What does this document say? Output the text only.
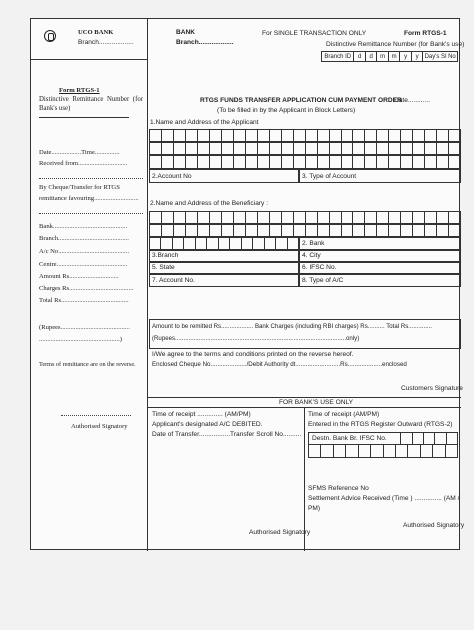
UCO BANK
Branch...................
BANK
Branch...................
For SINGLE TRANSACTION ONLY	Form RTGS-1
Distinctive Remittance Number (for Bank's use)
Branch ID	d	d	m	m	y	y Day's Sl No
Form RTGS-1
Distinctive Remittance Number (for Bank's use)
Date..................Time...............
Received from..............................
By Cheque/Transfer for RTGS
remittance favouring...........................
Bank.............................................
Branch...........................................
A/c No...........................................
Centre...........................................
Amount Rs..............................
Charges Rs.......................................
Total Rs.........................................
(Rupees..........................................
.................................................)
Terms of remittance are on the reverse.
Authorised Signatory
RTGS FUNDS TRANSFER APPLICATION CUM PAYMENT ORDER
Date............
(To be filled in by the Applicant in Block Letters)
1.Name and Address of the Applicant
2.Account No	3. Type of Account
2.Name and Address of the Beneficiary :
2. Bank
3.Branch	4. City
5. State	6. IFSC No.
7. Account No.	8. Type of A/C
Amount to be remitted Rs................... Bank Charges (including RBI charges) Rs.......... Total Rs..............
(Rupees.....................................................................................................only)
I/We agree to the terms and conditions printed on the reverse hereof.
Enclosed Cheque No...................../Debit Authority dt..........................Rs....................enclosed
Customers Signature
FOR BANK'S USE ONLY
Time of receipt .............. (AM/PM)
Applicant's designated A/C DEBITED.
Date of Transfer.................Transfer Scroll No..........
Authorised Signatory
Time of receipt (AM/PM)
Entered in the RTGS Register Outward (RTGS-2)
Destn. Bank Br. IFSC No.
SFMS Reference No
Settlement Advice Received (Time ) ............... (AM /
PM)
Authorised Signatory
